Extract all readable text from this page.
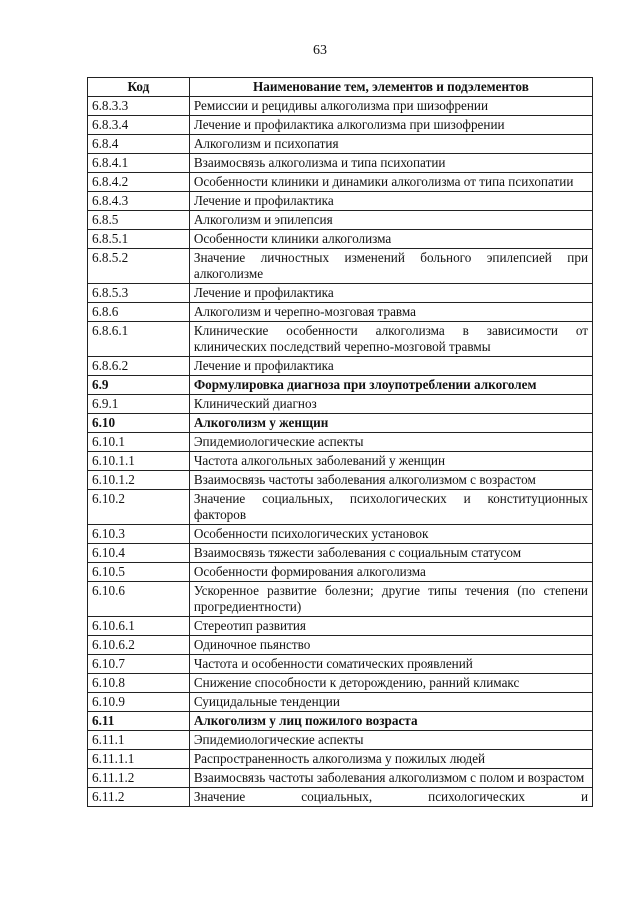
63
Код	Наименование тем, элементов и подэлементов
6.8.3.3	Ремиссии и рецидивы алкоголизма при шизофрении
6.8.3.4	Лечение и профилактика алкоголизма при шизофрении
6.8.4	Алкоголизм и психопатия
6.8.4.1	Взаимосвязь алкоголизма и типа психопатии
6.8.4.2	Особенности клиники и динамики алкоголизма от типа психопатии
6.8.4.3	Лечение и профилактика
6.8.5	Алкоголизм и эпилепсия
6.8.5.1	Особенности клиники алкоголизма
6.8.5.2	Значение личностных изменений больного эпилепсией при алкоголизме
6.8.5.3	Лечение и профилактика
6.8.6	Алкоголизм и черепно-мозговая травма
6.8.6.1	Клинические особенности алкоголизма в зависимости от клинических последствий черепно-мозговой травмы
6.8.6.2	Лечение и профилактика
6.9	Формулировка диагноза при злоупотреблении алкоголем
6.9.1	Клинический диагноз
6.10	Алкоголизм у женщин
6.10.1	Эпидемиологические аспекты
6.10.1.1	Частота алкогольных заболеваний у женщин
6.10.1.2	Взаимосвязь частоты заболевания алкоголизмом с возрастом
6.10.2	Значение социальных, психологических и конституционных факторов
6.10.3	Особенности психологических установок
6.10.4	Взаимосвязь тяжести заболевания с социальным статусом
6.10.5	Особенности формирования алкоголизма
6.10.6	Ускоренное развитие болезни; другие типы течения (по степени прогредиентности)
6.10.6.1	Стереотип развития
6.10.6.2	Одиночное пьянство
6.10.7	Частота и особенности соматических проявлений
6.10.8	Снижение способности к деторождению, ранний климакс
6.10.9	Суицидальные тенденции
6.11	Алкоголизм у лиц пожилого возраста
6.11.1	Эпидемиологические аспекты
6.11.1.1	Распространенность алкоголизма у пожилых людей
6.11.1.2	Взаимосвязь частоты заболевания алкоголизмом с полом и возрастом
6.11.2	Значение социальных, психологических и
